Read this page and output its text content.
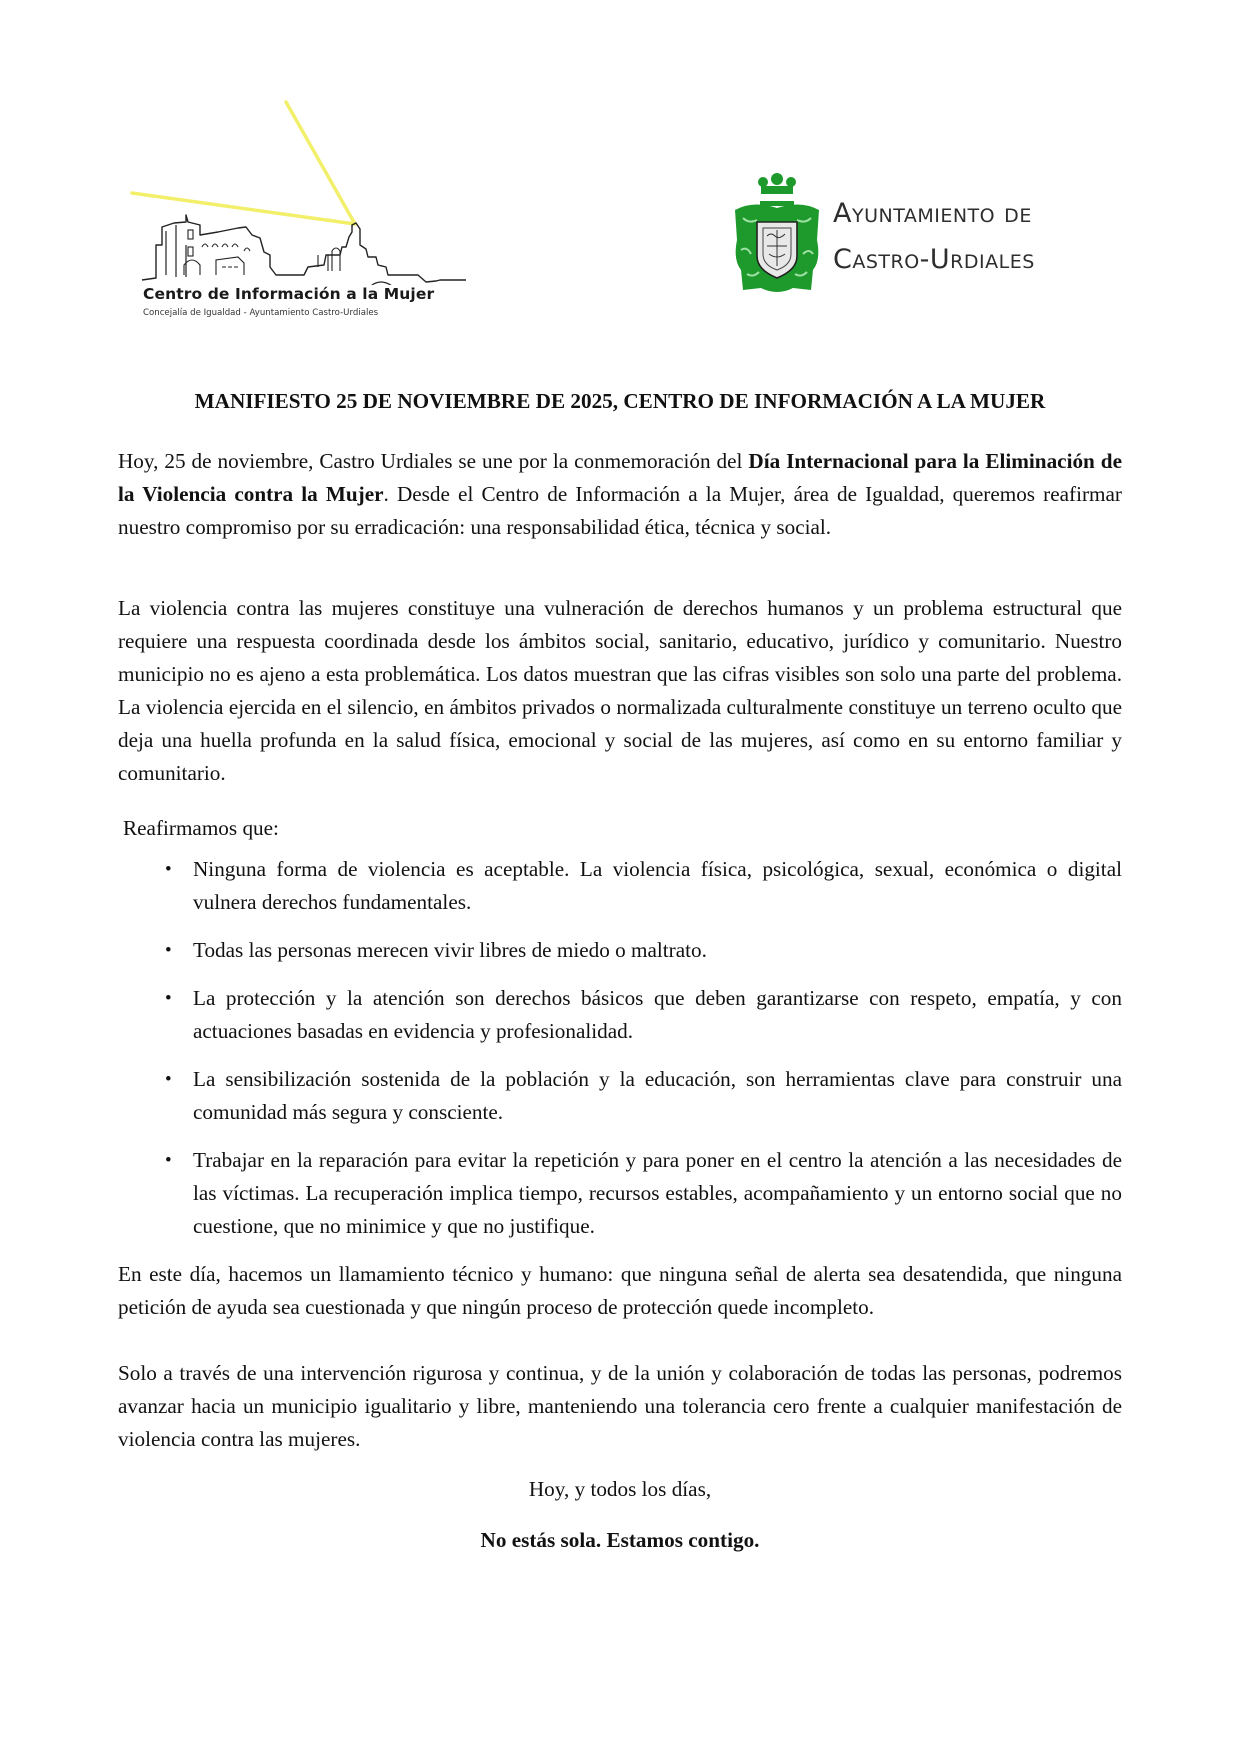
Centro de Información a la Mujer
Concejalía de Igualdad - Ayuntamiento Castro-Urdiales
Ayuntamiento de
Castro-Urdiales
MANIFIESTO 25 DE NOVIEMBRE DE 2025, CENTRO DE INFORMACIÓN A LA MUJER

Hoy, 25 de noviembre, Castro Urdiales se une por la conmemoración del Día Internacional para la Eliminación de la Violencia contra la Mujer. Desde el Centro de Información a la Mujer, área de Igualdad, queremos reafirmar nuestro compromiso por su erradicación: una responsabilidad ética, técnica y social.

La violencia contra las mujeres constituye una vulneración de derechos humanos y un problema estructural que requiere una respuesta coordinada desde los ámbitos social, sanitario, educativo, jurídico y comunitario. Nuestro municipio no es ajeno a esta problemática. Los datos muestran que las cifras visibles son solo una parte del problema. La violencia ejercida en el silencio, en ámbitos privados o normalizada culturalmente constituye un terreno oculto que deja una huella profunda en la salud física, emocional y social de las mujeres, así como en su entorno familiar y comunitario.

Reafirmamos que:
• Ninguna forma de violencia es aceptable. La violencia física, psicológica, sexual, económica o digital vulnera derechos fundamentales.
• Todas las personas merecen vivir libres de miedo o maltrato.
• La protección y la atención son derechos básicos que deben garantizarse con respeto, empatía, y con actuaciones basadas en evidencia y profesionalidad.
• La sensibilización sostenida de la población y la educación, son herramientas clave para construir una comunidad más segura y consciente.
• Trabajar en la reparación para evitar la repetición y para poner en el centro la atención a las necesidades de las víctimas. La recuperación implica tiempo, recursos estables, acompañamiento y un entorno social que no cuestione, que no minimice y que no justifique.

En este día, hacemos un llamamiento técnico y humano: que ninguna señal de alerta sea desatendida, que ninguna petición de ayuda sea cuestionada y que ningún proceso de protección quede incompleto.

Solo a través de una intervención rigurosa y continua, y de la unión y colaboración de todas las personas, podremos avanzar hacia un municipio igualitario y libre, manteniendo una tolerancia cero frente a cualquier manifestación de violencia contra las mujeres.

Hoy, y todos los días,
No estás sola. Estamos contigo.
